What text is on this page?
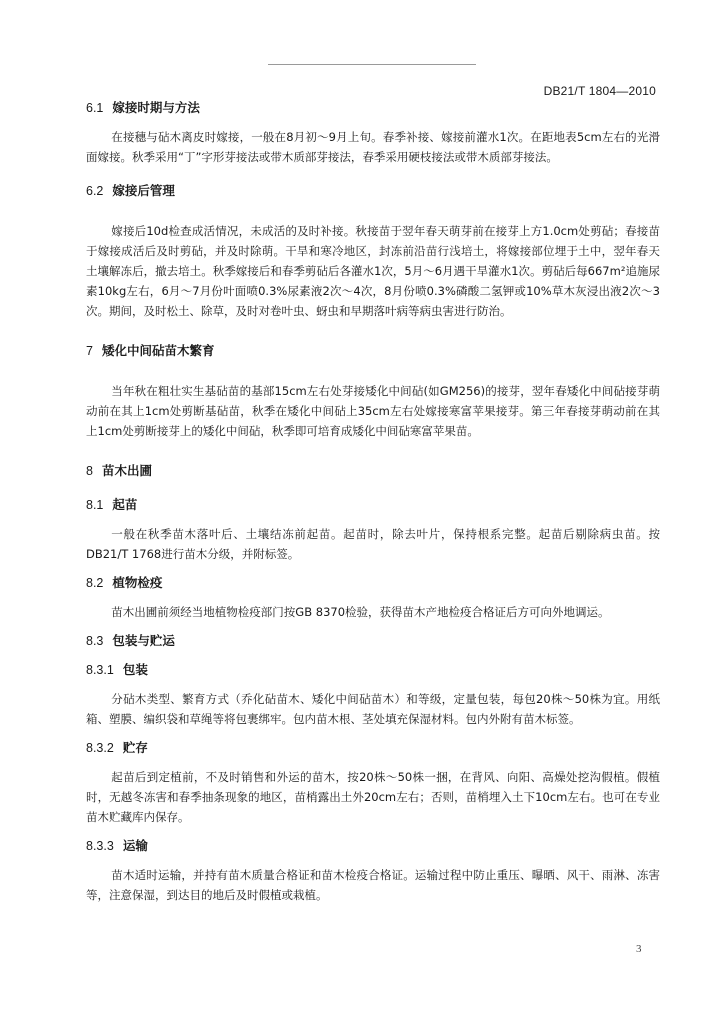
DB21/T 1804—2010
6.1 嫁接时期与方法
在接穗与砧木离皮时嫁接，一般在8月初～9月上旬。春季补接、嫁接前灌水1次。在距地表5cm左右的光滑面嫁接。秋季采用“丁”字形芽接法或带木质部芽接法，春季采用硬枝接法或带木质部芽接法。
6.2 嫁接后管理
嫁接后10d检查成活情况，未成活的及时补接。秋接苗于翌年春天萌芽前在接芽上方1.0cm处剪砧；春接苗于嫁接成活后及时剪砧，并及时除萌。干旱和寒冷地区，封冻前沿苗行浅培土，将嫁接部位埋于土中，翌年春天土壤解冻后，撤去培土。秋季嫁接后和春季剪砧后各灌水1次，5月～6月遇干旱灌水1次。剪砧后每667m²追施尿素10kg左右，6月～7月份叶面喷0.3%尿素液2次～4次，8月份喷0.3%磷酸二氢钾或10%草木灰浸出液2次～3次。期间，及时松土、除草，及时对卷叶虫、蚜虫和早期落叶病等病虫害进行防治。
7 矮化中间砧苗木繁育
当年秋在粗壮实生基砧苗的基部15cm左右处芽接矮化中间砧(如GM256)的接芽，翌年春矮化中间砧接芽萌动前在其上1cm处剪断基砧苗，秋季在矮化中间砧上35cm左右处嫁接寒富苹果接芽。第三年春接芽萌动前在其上1cm处剪断接芽上的矮化中间砧，秋季即可培育成矮化中间砧寒富苹果苗。
8 苗木出圃
8.1 起苗
一般在秋季苗木落叶后、土壤结冻前起苗。起苗时，除去叶片，保持根系完整。起苗后剔除病虫苗。按DB21/T 1768进行苗木分级，并附标签。
8.2 植物检疫
苗木出圃前须经当地植物检疫部门按GB 8370检验，获得苗木产地检疫合格证后方可向外地调运。
8.3 包装与贮运
8.3.1 包装
分砧木类型、繁育方式（乔化砧苗木、矮化中间砧苗木）和等级，定量包装，每包20株～50株为宜。用纸箱、塑膜、编织袋和草绳等将包裹绑牢。包内苗木根、茎处填充保湿材料。包内外附有苗木标签。
8.3.2 贮存
起苗后到定植前，不及时销售和外运的苗木，按20株～50株一捆，在背风、向阳、高燥处挖沟假植。假植时，无越冬冻害和春季抽条现象的地区，苗梢露出土外20cm左右；否则，苗梢埋入土下10cm左右。也可在专业苗木贮藏库内保存。
8.3.3 运输
苗木适时运输，并持有苗木质量合格证和苗木检疫合格证。运输过程中防止重压、曝晒、风干、雨淋、冻害等，注意保湿，到达目的地后及时假植或栽植。
3
